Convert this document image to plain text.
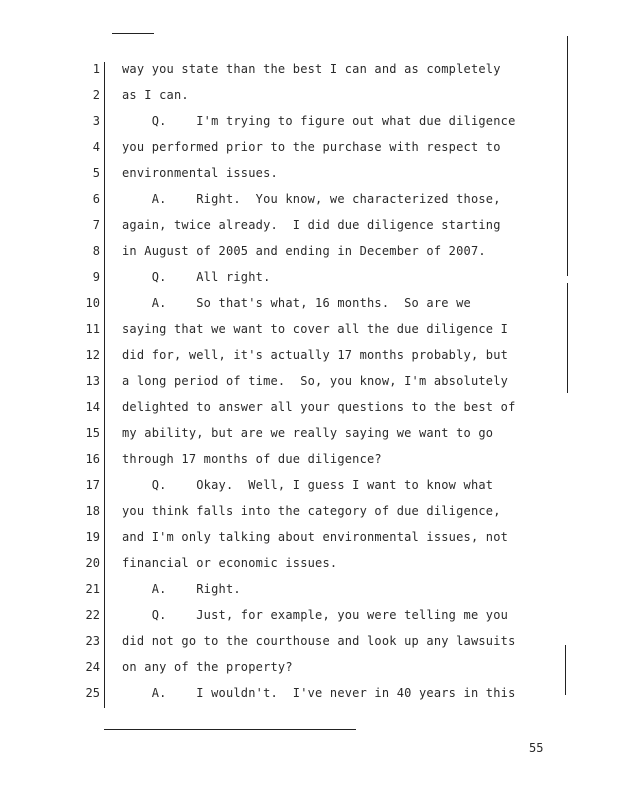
1 way you state than the best I can and as completely
2 as I can.
3 Q.    I'm trying to figure out what due diligence
4 you performed prior to the purchase with respect to
5 environmental issues.
6 A.    Right.  You know, we characterized those,
7 again, twice already.  I did due diligence starting
8 in August of 2005 and ending in December of 2007.
9 Q.    All right.
10 A.    So that's what, 16 months.  So are we
11 saying that we want to cover all the due diligence I
12 did for, well, it's actually 17 months probably, but
13 a long period of time.  So, you know, I'm absolutely
14 delighted to answer all your questions to the best of
15 my ability, but are we really saying we want to go
16 through 17 months of due diligence?
17 Q.    Okay.  Well, I guess I want to know what
18 you think falls into the category of due diligence,
19 and I'm only talking about environmental issues, not
20 financial or economic issues.
21 A.    Right.
22 Q.    Just, for example, you were telling me you
23 did not go to the courthouse and look up any lawsuits
24 on any of the property?
25 A.    I wouldn't.  I've never in 40 years in this
55
